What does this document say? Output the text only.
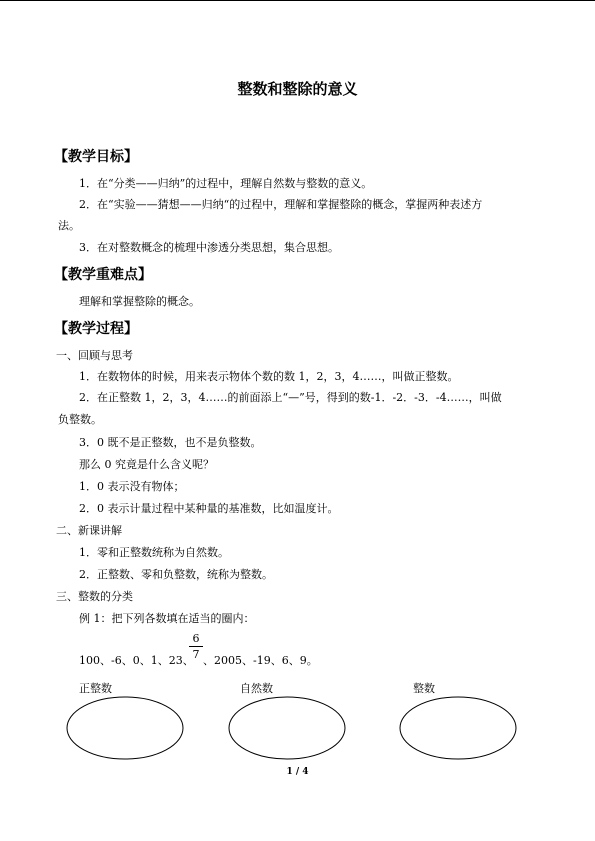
整数和整除的意义
【教学目标】
1．在“分类——归纳”的过程中，理解自然数与整数的意义。
2．在“实验——猜想——归纳“的过程中，理解和掌握整除的概念，掌握两种表述方
法。
3．在对整数概念的梳理中渗透分类思想，集合思想。
【教学重难点】
理解和掌握整除的概念。
【教学过程】
一、回顾与思考
1．在数物体的时候，用来表示物体个数的数 1，2，3，4……，叫做正整数。
2．在正整数 1，2，3，4……的前面添上“—”号，得到的数-1．-2．-3．-4……，叫做
负整数。
3．0 既不是正整数，也不是负整数。
那么 0 究竟是什么含义呢？
1．0 表示没有物体；
2．0 表示计量过程中某种量的基准数，比如温度计。
二、新课讲解
1．零和正整数统称为自然数。
2．正整数、零和负整数，统称为整数。
三、整数的分类
例 1：把下列各数填在适当的圈内：
100、-6、0、1、23、
6
7 、2005、-19、6、9。
正整数	自然数	整数
1 / 4
